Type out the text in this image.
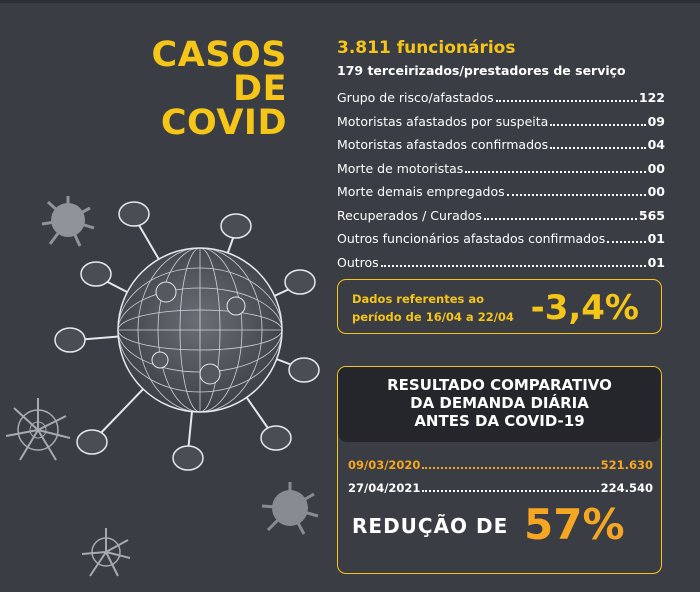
CASOS
DE COVID
3.811 funcionários
179 terceirizados/prestadores de serviço
Grupo de risco/afastados	122
Motoristas afastados por suspeita	09
Motoristas afastados confirmados	04
Morte de motoristas	00
Morte demais empregados	00
Recuperados / Curados	565
Outros funcionários afastados confirmados	01
Outros	01
Dados referentes ao
período de 16/04 a 22/04 -3,4%
RESULTADO COMPARATIVO
DA DEMANDA DIÁRIA
ANTES DA COVID-19
09/03/2020	521.630
27/04/2021	224.540
REDUÇÃO DE 57%
